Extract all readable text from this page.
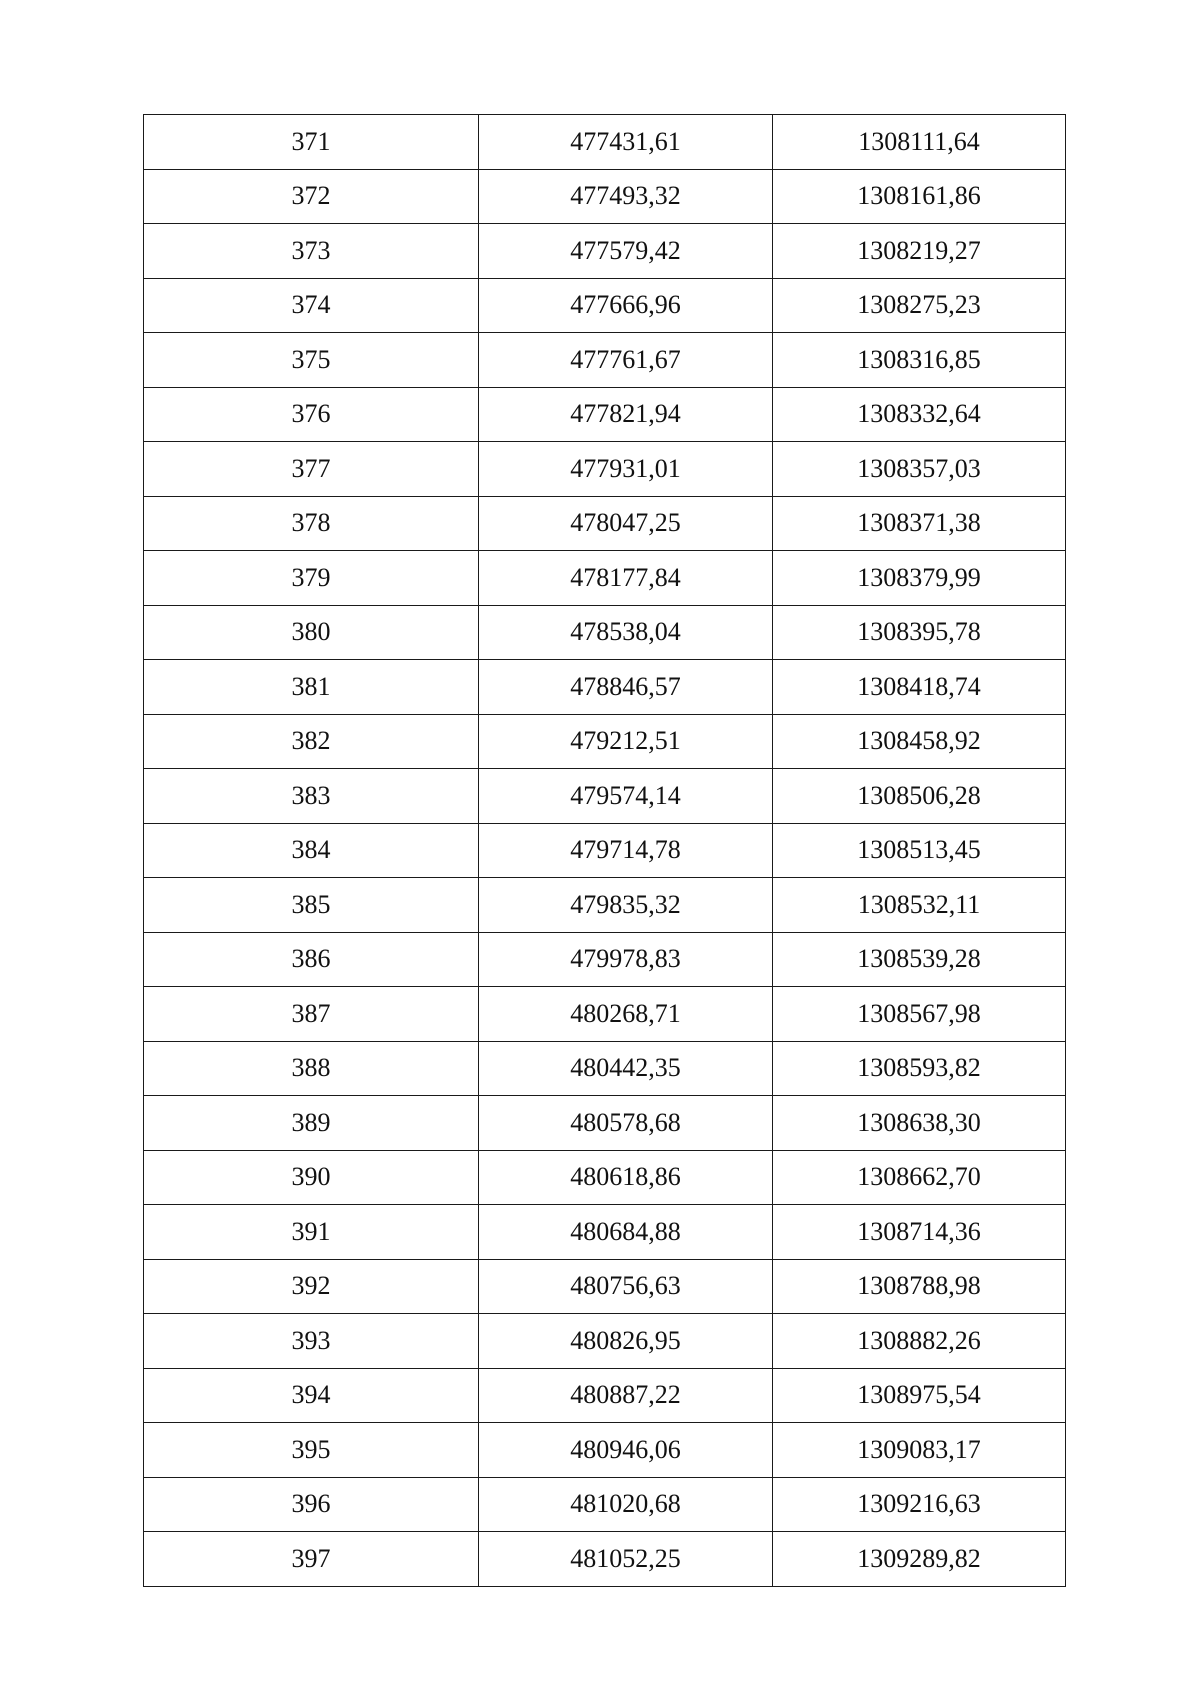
371	477431,61	1308111,64
372	477493,32	1308161,86
373	477579,42	1308219,27
374	477666,96	1308275,23
375	477761,67	1308316,85
376	477821,94	1308332,64
377	477931,01	1308357,03
378	478047,25	1308371,38
379	478177,84	1308379,99
380	478538,04	1308395,78
381	478846,57	1308418,74
382	479212,51	1308458,92
383	479574,14	1308506,28
384	479714,78	1308513,45
385	479835,32	1308532,11
386	479978,83	1308539,28
387	480268,71	1308567,98
388	480442,35	1308593,82
389	480578,68	1308638,30
390	480618,86	1308662,70
391	480684,88	1308714,36
392	480756,63	1308788,98
393	480826,95	1308882,26
394	480887,22	1308975,54
395	480946,06	1309083,17
396	481020,68	1309216,63
397	481052,25	1309289,82
